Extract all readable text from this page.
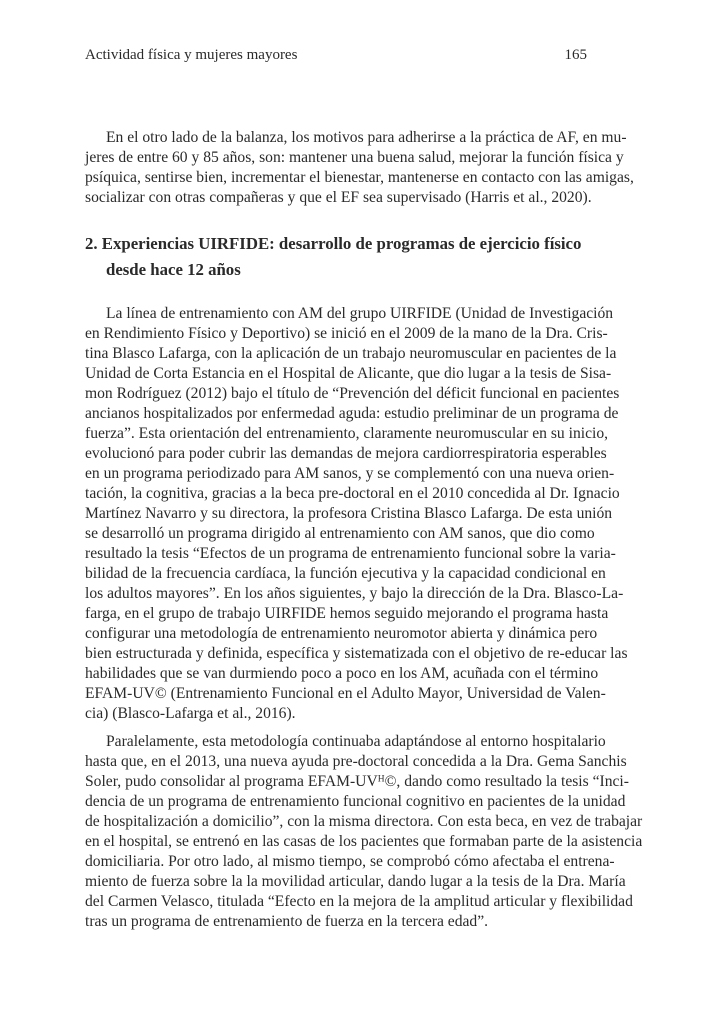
Actividad física y mujeres mayores	165
En el otro lado de la balanza, los motivos para adherirse a la práctica de AF, en mu-
jeres de entre 60 y 85 años, son: mantener una buena salud, mejorar la función física y
psíquica, sentirse bien, incrementar el bienestar, mantenerse en contacto con las amigas,
socializar con otras compañeras y que el EF sea supervisado (Harris et al., 2020).
2. Experiencias UIRFIDE: desarrollo de programas de ejercicio físico
desde hace 12 años
La línea de entrenamiento con AM del grupo UIRFIDE (Unidad de Investigación
en Rendimiento Físico y Deportivo) se inició en el 2009 de la mano de la Dra. Cris-
tina Blasco Lafarga, con la aplicación de un trabajo neuromuscular en pacientes de la
Unidad de Corta Estancia en el Hospital de Alicante, que dio lugar a la tesis de Sisa-
mon Rodríguez (2012) bajo el título de “Prevención del déficit funcional en pacientes
ancianos hospitalizados por enfermedad aguda: estudio preliminar de un programa de
fuerza”. Esta orientación del entrenamiento, claramente neuromuscular en su inicio,
evolucionó para poder cubrir las demandas de mejora cardiorrespiratoria esperables
en un programa periodizado para AM sanos, y se complementó con una nueva orien-
tación, la cognitiva, gracias a la beca pre-doctoral en el 2010 concedida al Dr. Ignacio
Martínez Navarro y su directora, la profesora Cristina Blasco Lafarga. De esta unión
se desarrolló un programa dirigido al entrenamiento con AM sanos, que dio como
resultado la tesis “Efectos de un programa de entrenamiento funcional sobre la varia-
bilidad de la frecuencia cardíaca, la función ejecutiva y la capacidad condicional en
los adultos mayores”. En los años siguientes, y bajo la dirección de la Dra. Blasco-La-
farga, en el grupo de trabajo UIRFIDE hemos seguido mejorando el programa hasta
configurar una metodología de entrenamiento neuromotor abierta y dinámica pero
bien estructurada y definida, específica y sistematizada con el objetivo de re-educar las
habilidades que se van durmiendo poco a poco en los AM, acuñada con el término
EFAM-UV© (Entrenamiento Funcional en el Adulto Mayor, Universidad de Valen-
cia) (Blasco-Lafarga et al., 2016).
Paralelamente, esta metodología continuaba adaptándose al entorno hospitalario
hasta que, en el 2013, una nueva ayuda pre-doctoral concedida a la Dra. Gema Sanchis
Soler, pudo consolidar al programa EFAM-UVᴴ©, dando como resultado la tesis “Inci-
dencia de un programa de entrenamiento funcional cognitivo en pacientes de la unidad
de hospitalización a domicilio”, con la misma directora. Con esta beca, en vez de trabajar
en el hospital, se entrenó en las casas de los pacientes que formaban parte de la asistencia
domiciliaria. Por otro lado, al mismo tiempo, se comprobó cómo afectaba el entrena-
miento de fuerza sobre la la movilidad articular, dando lugar a la tesis de la Dra. María
del Carmen Velasco, titulada “Efecto en la mejora de la amplitud articular y flexibilidad
tras un programa de entrenamiento de fuerza en la tercera edad”.
